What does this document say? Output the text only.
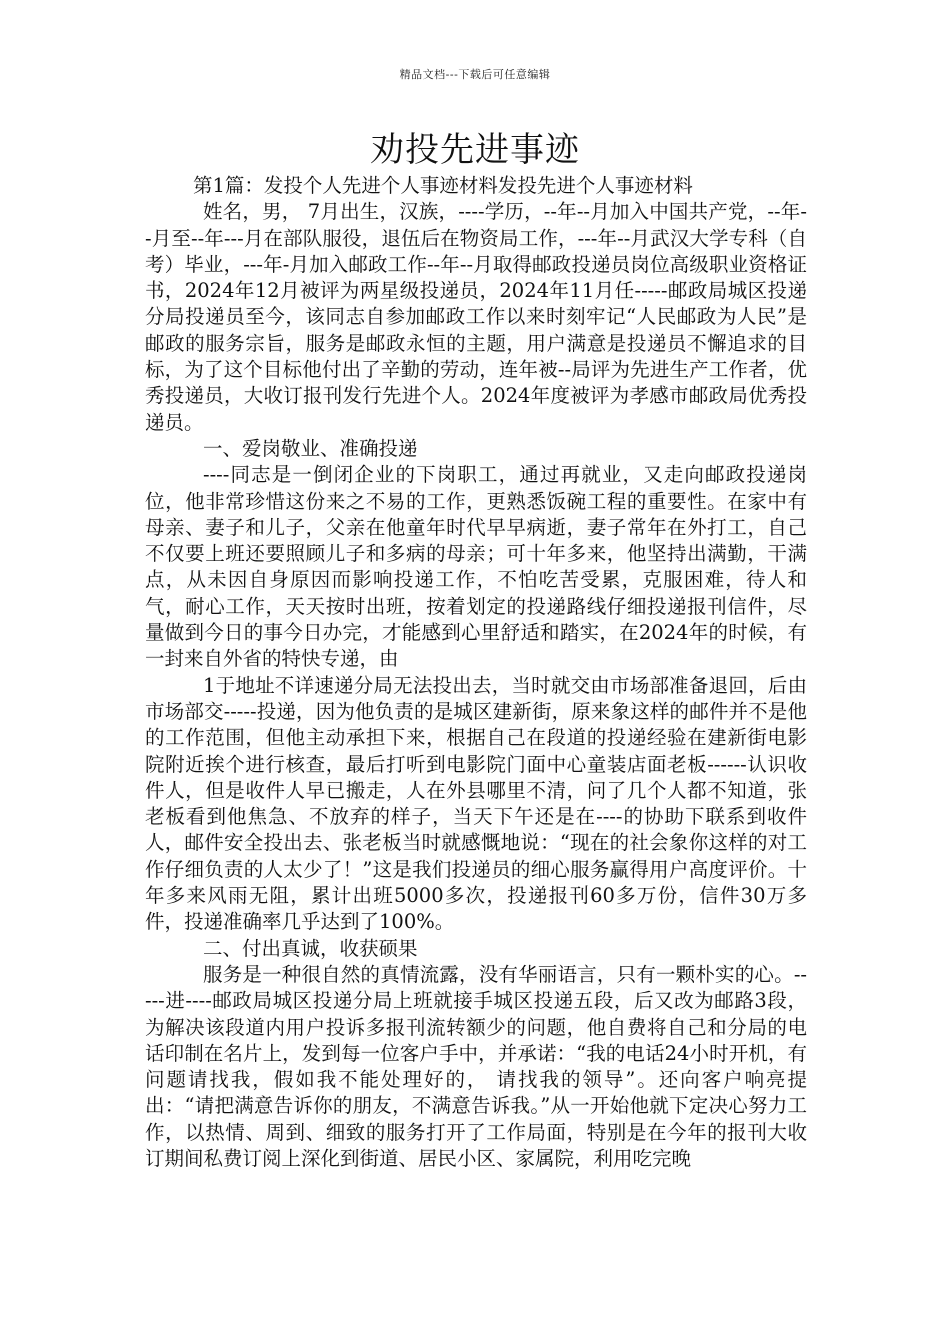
精品文档---下载后可任意编辑
劝投先进事迹

第1篇：发投个人先进个人事迹材料发投先进个人事迹材料

姓名，男， 7月出生，汉族，----学历，--年--月加入中国共产党，--年--月至--年---月在部队服役，退伍后在物资局工作，---年--月武汉大学专科（自考）毕业，---年-月加入邮政工作--年--月取得邮政投递员岗位高级职业资格证书，2024年12月被评为两星级投递员，2024年11月任-----邮政局城区投递分局投递员至今，该同志自参加邮政工作以来时刻牢记“人民邮政为人民”是邮政的服务宗旨，服务是邮政永恒的主题，用户满意是投递员不懈追求的目标，为了这个目标他付出了辛勤的劳动，连年被--局评为先进生产工作者，优秀投递员，大收订报刊发行先进个人。2024年度被评为孝感市邮政局优秀投递员。

一、爱岗敬业、准确投递

----同志是一倒闭企业的下岗职工，通过再就业，又走向邮政投递岗位，他非常珍惜这份来之不易的工作，更熟悉饭碗工程的重要性。在家中有母亲、妻子和儿子，父亲在他童年时代早早病逝，妻子常年在外打工，自己不仅要上班还要照顾儿子和多病的母亲；可十年多来，他坚持出满勤，干满点，从未因自身原因而影响投递工作，不怕吃苦受累，克服困难，待人和气，耐心工作，天天按时出班，按着划定的投递路线仔细投递报刊信件，尽量做到今日的事今日办完，才能感到心里舒适和踏实，在2024年的时候，有一封来自外省的特快专递，由

1于地址不详速递分局无法投出去，当时就交由市场部准备退回，后由市场部交-----投递，因为他负责的是城区建新街，原来象这样的邮件并不是他的工作范围，但他主动承担下来，根据自己在段道的投递经验在建新街电影院附近挨个进行核查，最后打听到电影院门面中心童装店面老板------认识收件人，但是收件人早已搬走，人在外县哪里不清，问了几个人都不知道，张老板看到他焦急、不放弃的样子，当天下午还是在----的协助下联系到收件人，邮件安全投出去、张老板当时就感慨地说：“现在的社会象你这样的对工作仔细负责的人太少了！”这是我们投递员的细心服务赢得用户高度评价。十年多来风雨无阻，累计出班5000多次，投递报刊60多万份，信件30万多件，投递准确率几乎达到了100%。

二、付出真诚，收获硕果

服务是一种很自然的真情流露，没有华丽语言，只有一颗朴实的心。-----进----邮政局城区投递分局上班就接手城区投递五段，后又改为邮路3段，为解决该段道内用户投诉多报刊流转额少的问题，他自费将自己和分局的电话印制在名片上，发到每一位客户手中，并承诺：“我的电话24小时开机，有问题请找我，假如我不能处理好的， 请找我的领导”。还向客户响亮提出：“请把满意告诉你的朋友，不满意告诉我。”从一开始他就下定决心努力工作，以热情、周到、细致的服务打开了工作局面，特别是在今年的报刊大收订期间私费订阅上深化到街道、居民小区、家属院，利用吃完晚
